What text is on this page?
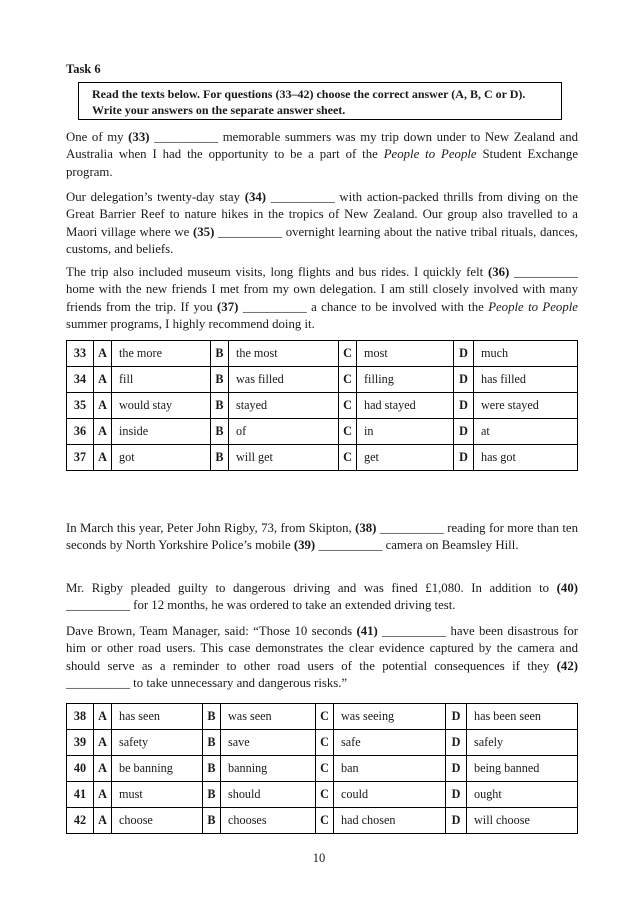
Task 6
Read the texts below. For questions (33–42) choose the correct answer (A, B, C or D).
Write your answers on the separate answer sheet.

One of my (33) __________ memorable summers was my trip down under to New Zealand and Australia when I had the opportunity to be a part of the People to People Student Exchange program.

Our delegation’s twenty-day stay (34) __________ with action-packed thrills from diving on the Great Barrier Reef to nature hikes in the tropics of New Zealand. Our group also travelled to a Maori village where we (35) __________ overnight learning about the native tribal rituals, dances, customs, and beliefs.

The trip also included museum visits, long flights and bus rides. I quickly felt (36) __________ home with the new friends I met from my own delegation. I am still closely involved with many friends from the trip. If you (37) __________ a chance to be involved with the People to People summer programs, I highly recommend doing it.

33	A	the more	B	the most	C	most	D	much
34	A	fill	B	was filled	C	filling	D	has filled
35	A	would stay	B	stayed	C	had stayed	D	were stayed
36	A	inside	B	of	C	in	D	at
37	A	got	B	will get	C	get	D	has got

In March this year, Peter John Rigby, 73, from Skipton, (38) __________ reading for more than ten seconds by North Yorkshire Police’s mobile (39) __________ camera on Beamsley Hill.

Mr. Rigby pleaded guilty to dangerous driving and was fined £1,080. In addition to (40) __________ for 12 months, he was ordered to take an extended driving test.

Dave Brown, Team Manager, said: “Those 10 seconds (41) __________ have been disastrous for him or other road users. This case demonstrates the clear evidence captured by the camera and should serve as a reminder to other road users of the potential consequences if they (42) __________ to take unnecessary and dangerous risks.”

38	A	has seen	B	was seen	C	was seeing	D	has been seen
39	A	safety	B	save	C	safe	D	safely
40	A	be banning	B	banning	C	ban	D	being banned
41	A	must	B	should	C	could	D	ought
42	A	choose	B	chooses	C	had chosen	D	will choose
10
